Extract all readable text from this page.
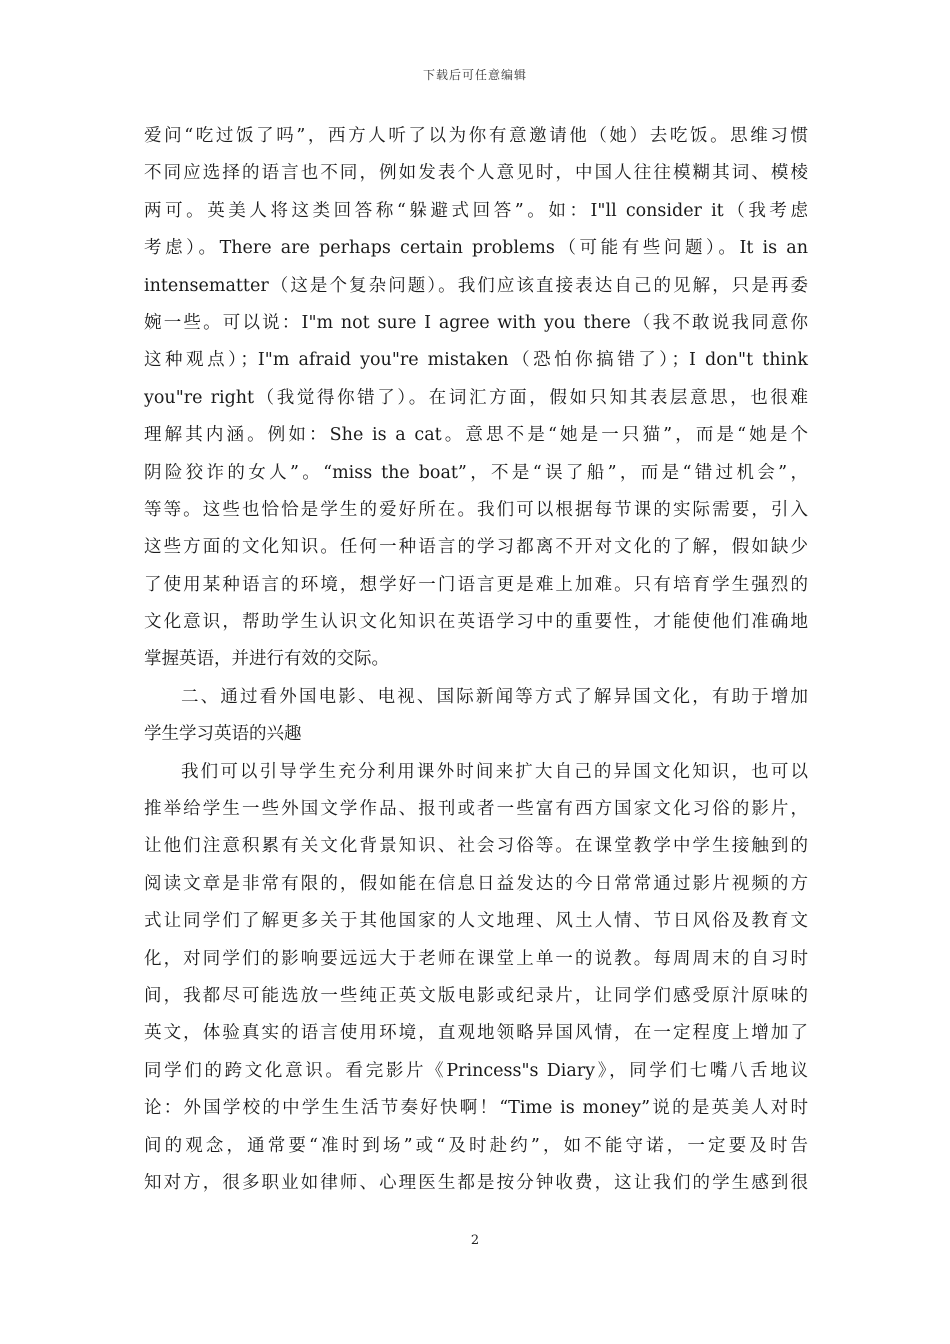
下载后可任意编辑
爱问“吃过饭了吗”，西方人听了以为你有意邀请他（她）去吃饭。思维习惯
不同应选择的语言也不同，例如发表个人意见时，中国人往往模糊其词、模棱
两可。英美人将这类回答称“躲避式回答”。如：I"ll consider it（我考虑
考虑）。There are perhaps certain problems（可能有些问题）。It is an
intensematter（这是个复杂问题）。我们应该直接表达自己的见解，只是再委
婉一些。可以说：I"m not sure I agree with you there（我不敢说我同意你
这种观点）；I"m afraid you"re mistaken（恐怕你搞错了）；I don"t think
you"re right（我觉得你错了）。在词汇方面，假如只知其表层意思，也很难
理解其内涵。例如：She is a cat。意思不是“她是一只猫”，而是“她是个
阴险狡诈的女人”。“miss the boat”，不是“误了船”，而是“错过机会”，
等等。这些也恰恰是学生的爱好所在。我们可以根据每节课的实际需要，引入
这些方面的文化知识。任何一种语言的学习都离不开对文化的了解，假如缺少
了使用某种语言的环境，想学好一门语言更是难上加难。只有培育学生强烈的
文化意识，帮助学生认识文化知识在英语学习中的重要性，才能使他们准确地
掌握英语，并进行有效的交际。
二、通过看外国电影、电视、国际新闻等方式了解异国文化，有助于增加
学生学习英语的兴趣
我们可以引导学生充分利用课外时间来扩大自己的异国文化知识，也可以
推举给学生一些外国文学作品、报刊或者一些富有西方国家文化习俗的影片，
让他们注意积累有关文化背景知识、社会习俗等。在课堂教学中学生接触到的
阅读文章是非常有限的，假如能在信息日益发达的今日常常通过影片视频的方
式让同学们了解更多关于其他国家的人文地理、风土人情、节日风俗及教育文
化，对同学们的影响要远远大于老师在课堂上单一的说教。每周周末的自习时
间，我都尽可能选放一些纯正英文版电影或纪录片，让同学们感受原汁原味的
英文，体验真实的语言使用环境，直观地领略异国风情，在一定程度上增加了
同学们的跨文化意识。看完影片《Princess"s Diary》，同学们七嘴八舌地议
论：外国学校的中学生生活节奏好快啊！“Time is money”说的是英美人对时
间的观念，通常要“准时到场”或“及时赴约”，如不能守诺，一定要及时告
知对方，很多职业如律师、心理医生都是按分钟收费，这让我们的学生感到很
2
